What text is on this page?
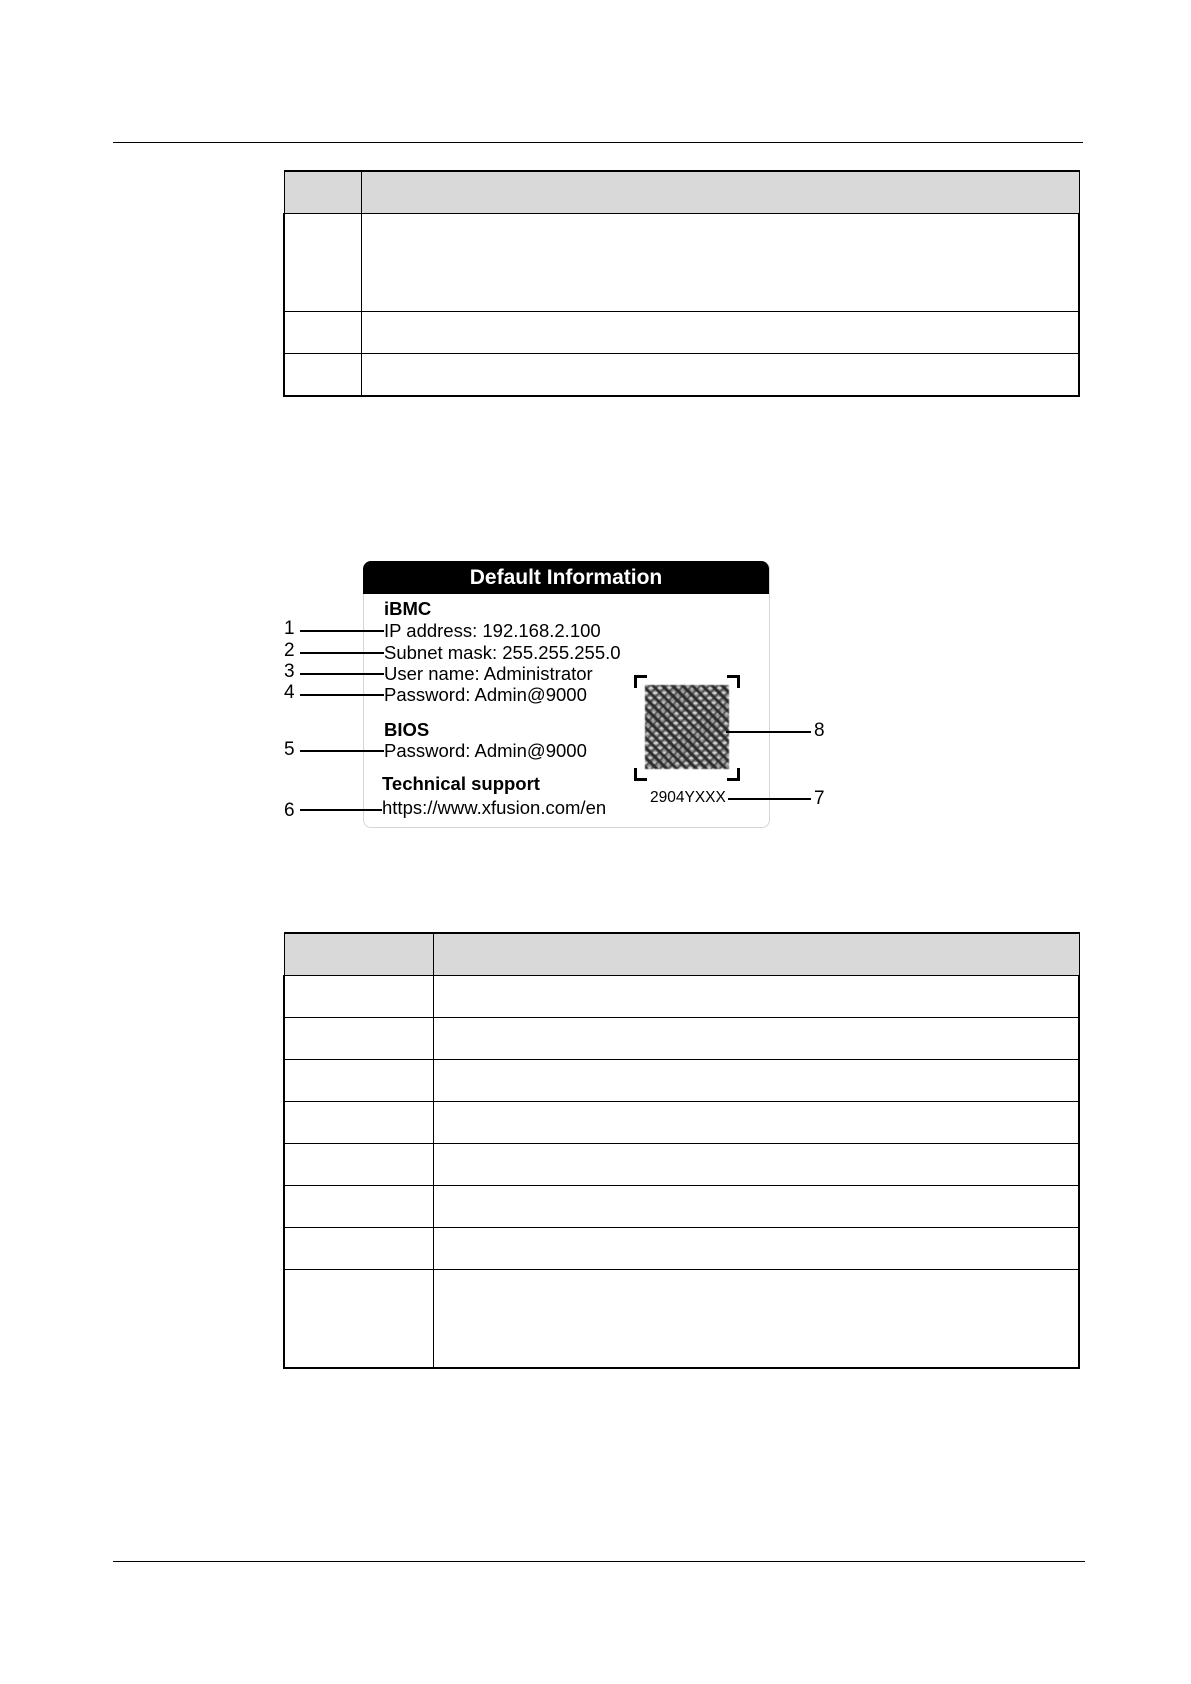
Default Information
iBMC
IP address: 192.168.2.100
Subnet mask: 255.255.255.0
User name: Administrator
Password: Admin@9000
BIOS
Password: Admin@9000
Technical support
https://www.xfusion.com/en	2904YXXX
1
2
3
4
5
6
7
8
